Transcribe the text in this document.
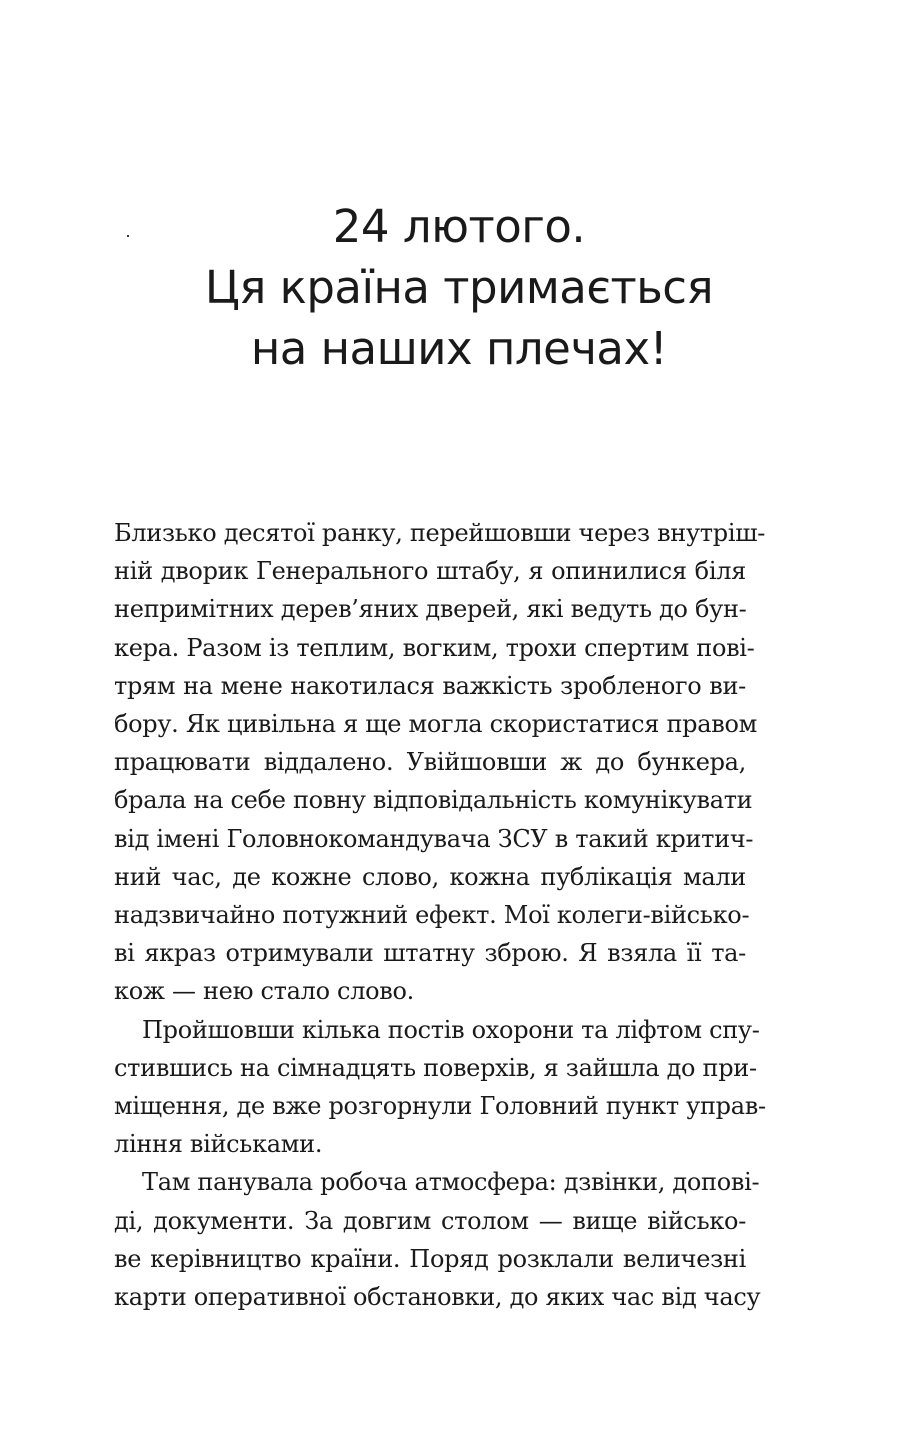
24 лютого.
Ця країна тримається
на наших плечах!
Близько десятої ранку, перейшовши через внутріш-
ній дворик Генерального штабу, я опинилися біля
непримітних дерев’яних дверей, які ведуть до бун-
кера. Разом із теплим, вогким, трохи спертим пові-
трям на мене накотилася важкість зробленого ви-
бору. Як цивільна я ще могла скористатися правом
працювати віддалено. Увійшовши ж до бункера,
брала на себе повну відповідальність комунікувати
від імені Головнокомандувача ЗСУ в такий критич-
ний час, де кожне слово, кожна публікація мали
надзвичайно потужний ефект. Мої колеги-військо-
ві якраз отримували штатну зброю. Я взяла її та-
кож — нею стало слово.
Пройшовши кілька постів охорони та ліфтом спу-
стившись на сімнадцять поверхів, я зайшла до при-
міщення, де вже розгорнули Головний пункт управ-
ління військами.
Там панувала робоча атмосфера: дзвінки, допові-
ді, документи. За довгим столом — вище військо-
ве керівництво країни. Поряд розклали величезні
карти оперативної обстановки, до яких час від часу
